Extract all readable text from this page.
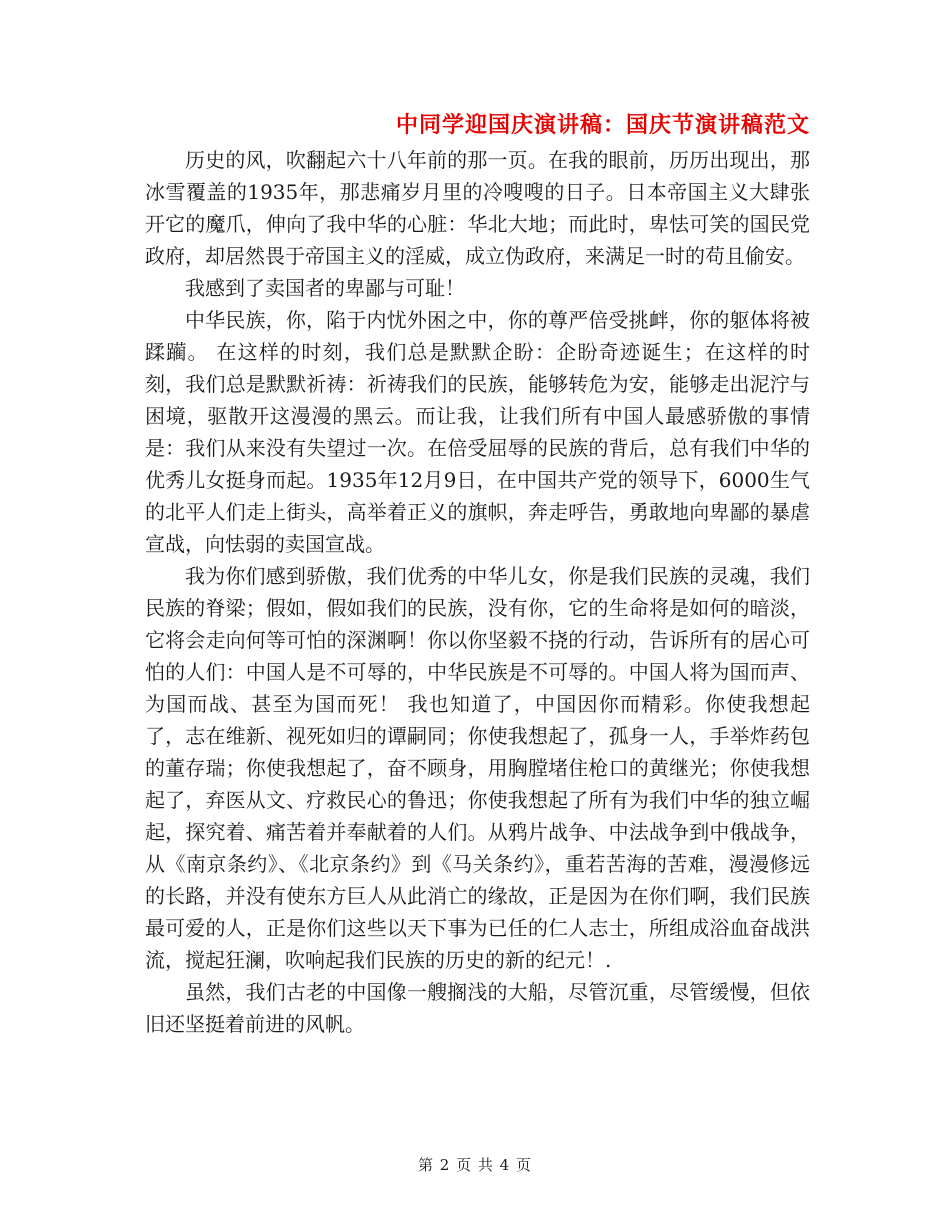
中同学迎国庆演讲稿：国庆节演讲稿范文

历史的风，吹翻起六十八年前的那一页。在我的眼前，历历出现出，那冰雪覆盖的1935年，那悲痛岁月里的冷嗖嗖的日子。日本帝国主义大肆张开它的魔爪，伸向了我中华的心脏：华北大地；而此时，卑怯可笑的国民党政府，却居然畏于帝国主义的淫威，成立伪政府，来满足一时的苟且偷安。

我感到了卖国者的卑鄙与可耻！

中华民族，你，陷于内忧外困之中，你的尊严倍受挑衅，你的躯体将被蹂躏。 在这样的时刻，我们总是默默企盼：企盼奇迹诞生；在这样的时刻，我们总是默默祈祷：祈祷我们的民族，能够转危为安，能够走出泥泞与困境，驱散开这漫漫的黑云。而让我，让我们所有中国人最感骄傲的事情是：我们从来没有失望过一次。在倍受屈辱的民族的背后，总有我们中华的优秀儿女挺身而起。1935年12月9日，在中国共产党的领导下，6000生气的北平人们走上街头，高举着正义的旗帜，奔走呼告，勇敢地向卑鄙的暴虐宣战，向怯弱的卖国宣战。

我为你们感到骄傲，我们优秀的中华儿女，你是我们民族的灵魂，我们民族的脊梁；假如，假如我们的民族，没有你，它的生命将是如何的暗淡，它将会走向何等可怕的深渊啊！你以你坚毅不挠的行动，告诉所有的居心可怕的人们：中国人是不可辱的，中华民族是不可辱的。中国人将为国而声、为国而战、甚至为国而死！ 我也知道了，中国因你而精彩。你使我想起了，志在维新、视死如归的谭嗣同；你使我想起了，孤身一人，手举炸药包的董存瑞；你使我想起了，奋不顾身，用胸膛堵住枪口的黄继光；你使我想起了，弃医从文、疗救民心的鲁迅；你使我想起了所有为我们中华的独立崛起，探究着、痛苦着并奉献着的人们。从鸦片战争、中法战争到中俄战争，从《南京条约》、《北京条约》到《马关条约》，重若苦海的苦难，漫漫修远的长路，并没有使东方巨人从此消亡的缘故，正是因为在你们啊，我们民族最可爱的人，正是你们这些以天下事为已任的仁人志士，所组成浴血奋战洪流，搅起狂澜，吹响起我们民族的历史的新的纪元！.

虽然，我们古老的中国像一艘搁浅的大船，尽管沉重，尽管缓慢，但依旧还坚挺着前进的风帆。

第 2 页 共 4 页
